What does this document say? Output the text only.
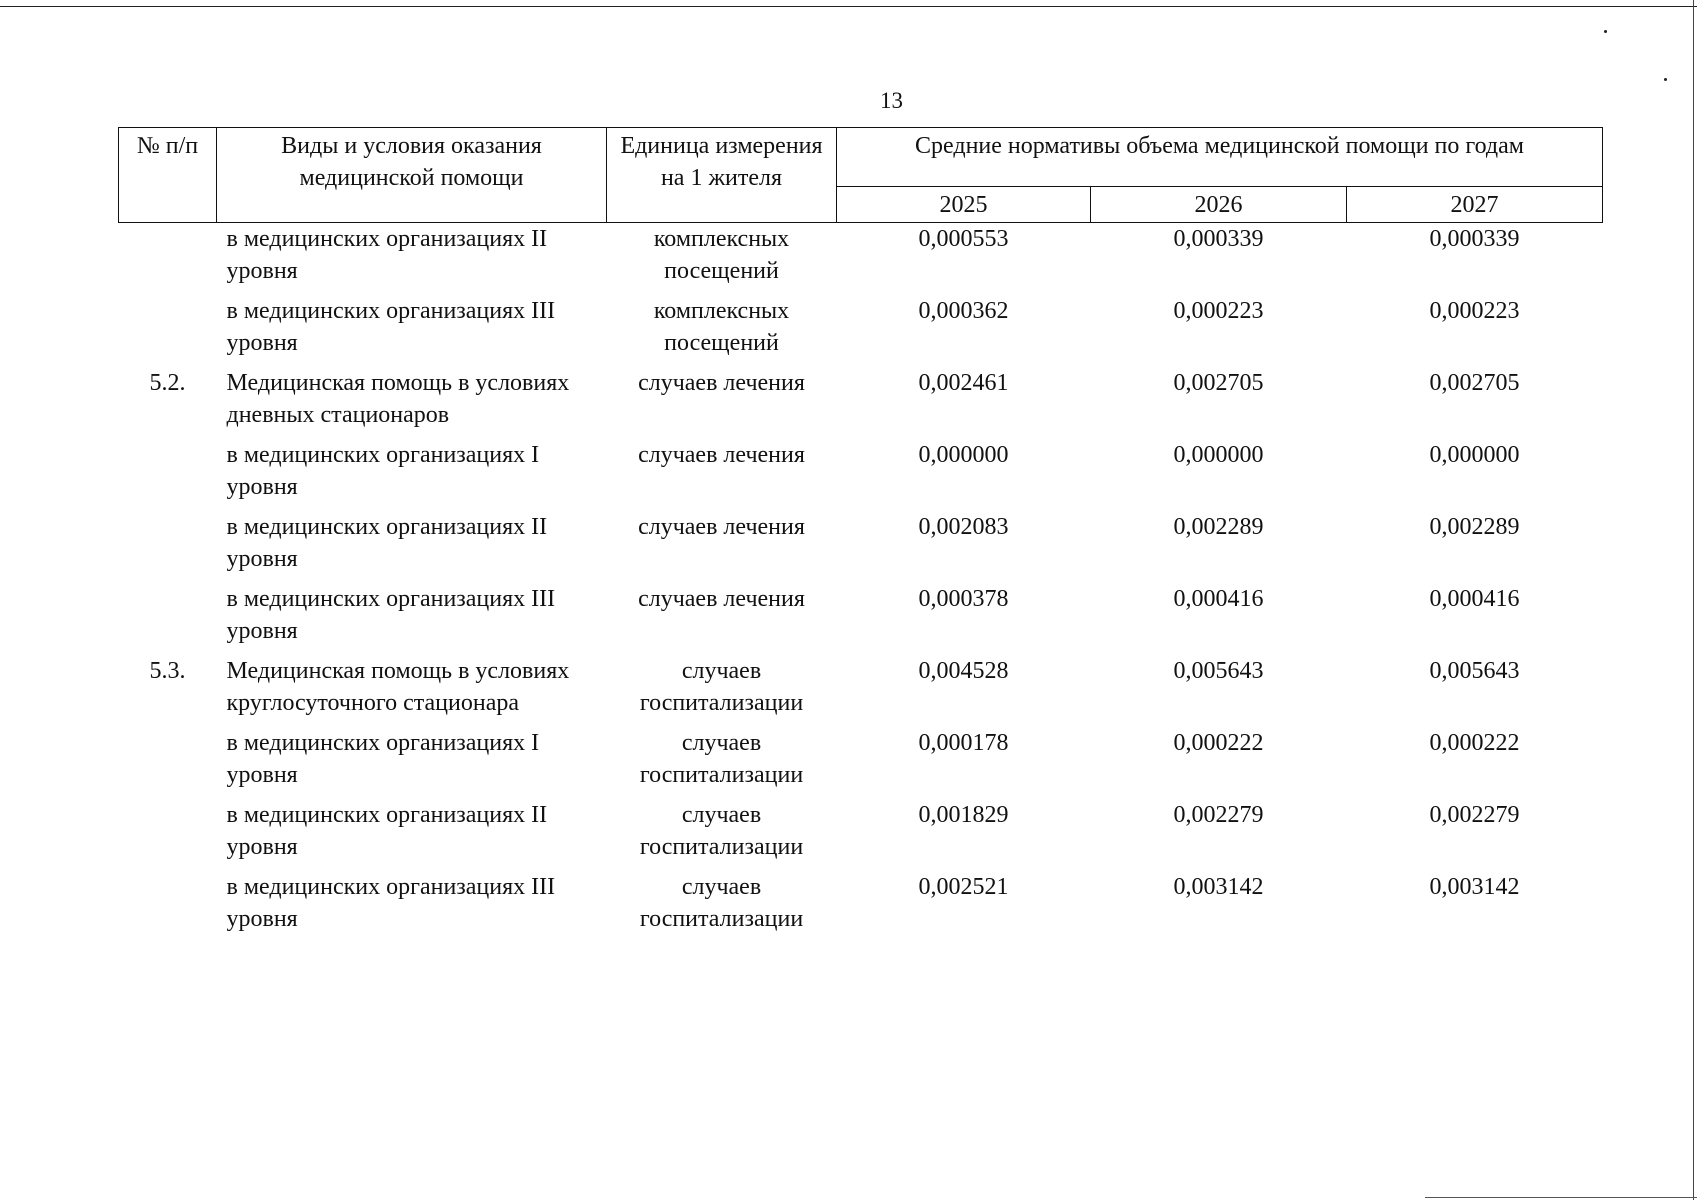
13
№ п/п	Виды и условия оказания медицинской помощи	Единица измерения на 1 жителя	Средние нормативы объема медицинской помощи по годам		
			2025	2026	2027
	в медицинских организациях II уровня	комплексных посещений	0,000553	0,000339	0,000339
	в медицинских организациях III уровня	комплексных посещений	0,000362	0,000223	0,000223
5.2.	Медицинская помощь в условиях дневных стационаров	случаев лечения	0,002461	0,002705	0,002705
	в медицинских организациях I уровня	случаев лечения	0,000000	0,000000	0,000000
	в медицинских организациях II уровня	случаев лечения	0,002083	0,002289	0,002289
	в медицинских организациях III уровня	случаев лечения	0,000378	0,000416	0,000416
5.3.	Медицинская помощь в условиях круглосуточного стационара	случаев госпитализации	0,004528	0,005643	0,005643
	в медицинских организациях I уровня	случаев госпитализации	0,000178	0,000222	0,000222
	в медицинских организациях II уровня	случаев госпитализации	0,001829	0,002279	0,002279
	в медицинских организациях III уровня	случаев госпитализации	0,002521	0,003142	0,003142
